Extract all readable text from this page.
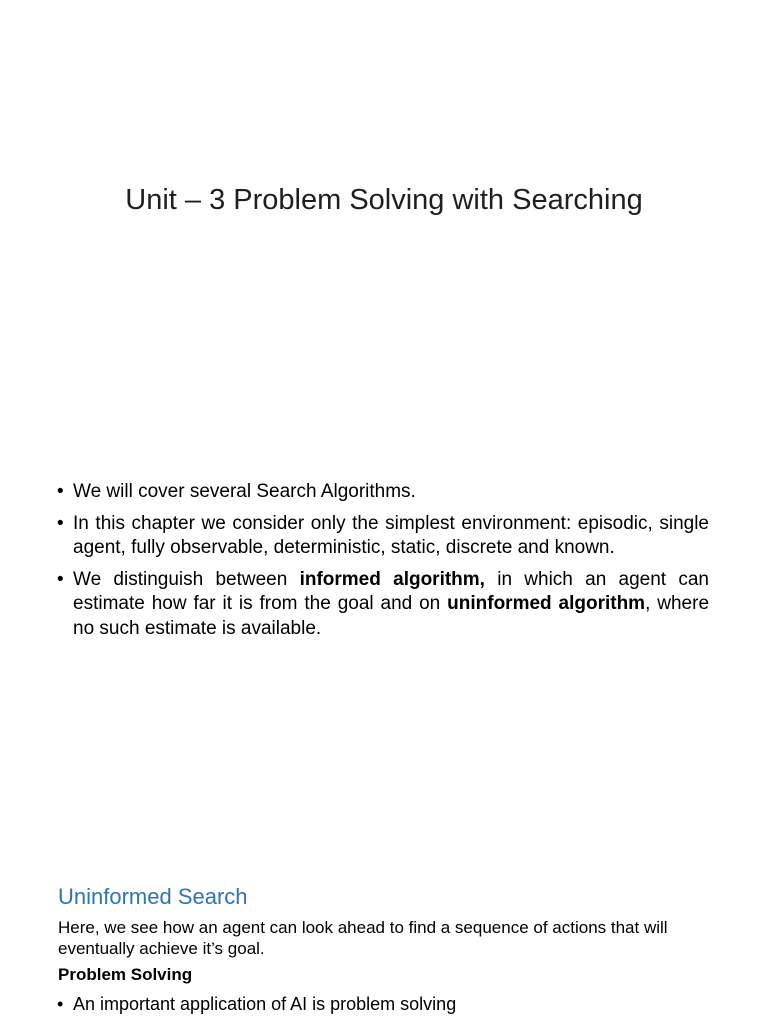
Unit – 3 Problem Solving with Searching
• We will cover several Search Algorithms.
• In this chapter we consider only the simplest environment: episodic, single agent, fully observable, deterministic, static, discrete and known.
• We distinguish between informed algorithm, in which an agent can estimate how far it is from the goal and on uninformed algorithm, where no such estimate is available.
Uninformed Search

Here, we see how an agent can look ahead to find a sequence of actions that will eventually achieve it’s goal.

Problem Solving

• An important application of AI is problem solving
